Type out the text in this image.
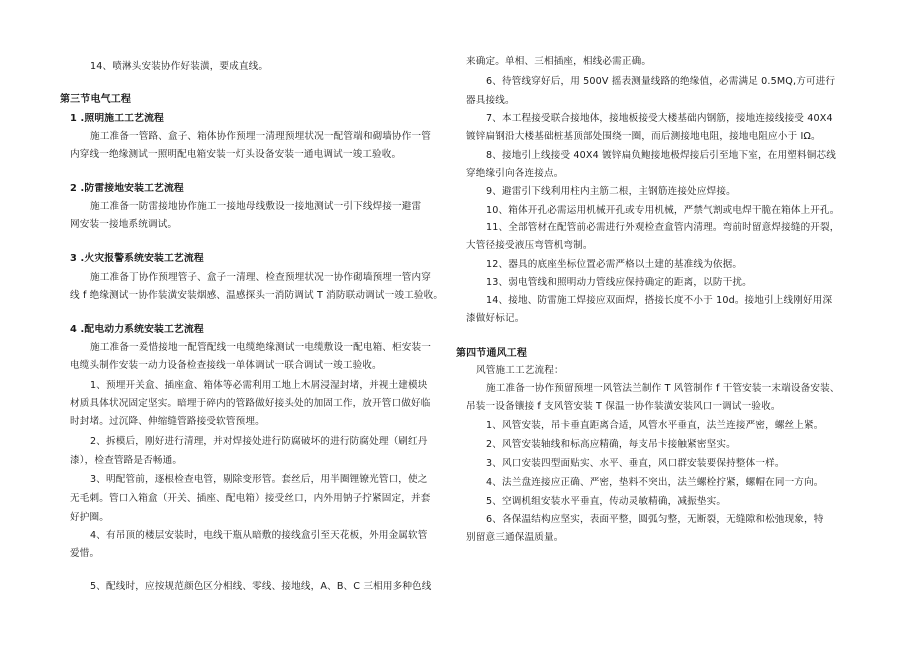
14、喷淋头安装协作好装潢，要成直线。
第三节电气工程
1 .照明施工工艺流程
施工准备一管路、盒子、箱体协作预埋一清理预埋状况一配管端和砌墙协作一管
内穿线一绝缘测试一照明配电箱安装一灯头设备安装一通电调试一竣工验收。
2 .防雷接地安装工艺流程
施工准备一防雷接地协作施工一接地母线敷设一接地测试一引下线焊接一避雷
网安装一接地系统调试。
3 .火灾报警系统安装工艺流程
施工准备丁协作预埋管子、盒子一清理、检查预埋状况一协作砌墙预埋一管内穿
线 f 绝缘测试一协作装潢安装烟感、温感探头一消防调试 T 消防联动调试一竣工验收。
4 .配电动力系统安装工艺流程
施工准备一爰惜接地一配管配线一电缆绝缘测试一电缆敷设一配电箱、柜安装一
电缆头制作安装一动力设备检查接线一单体调试一联合调试一竣工验收。
1、预埋开关盒、插座盒、箱体等必需利用工地上木屑浸湿封堵，并视土建模块
材质具体状况固定坚实。暗埋于碎内的管路做好接头处的加固工作，放开管口做好临
时封堵。过沉降、伸缩缝管路接受软管预埋。
2、拆模后，刚好进行清理，并对焊接处进行防腐破坏的进行防腐处理（刷红丹
漆），检查管路是否畅通。
3、明配管前，逐根检查电管，剔除变形管。套丝后，用半圈锂镣光管口，使之
无毛刺。管口入箱盒（开关、插座、配电箱）接受丝口，内外用钠子拧紧固定，并套
好护圈。
4、有吊顶的楼层安装时，电线干瓶从暗敷的接线盒引至天花板，外用金属软管
爱惜。
5、配线时，应按规范颜色区分相线、零线、接地线，A、B、C 三相用多种色线
来确定。单相、三相插座，相线必需正确。
6、待管线穿好后，用 500V 摇表测量线路的绝缘值，必需满足 0.5MQ,方可进行
器具接线。
7、本工程接受联合接地体，接地板接受大楼基础内钢筋，接地连接线接受 40X4
镀锌扁钢沿大楼基础桩基顶部处围绕一圈，而后测接地电阻，接地电阻应小于 IΩ。
8、接地引上线接受 40X4 镀锌扁负鲍接地极焊接后引至地下室，在用塑料铜芯线
穿绝缘引向各连接点。
9、避雷引下线利用柱内主筋二根，主钢筋连接处应焊接。
10、箱体开孔必需运用机械开孔或专用机械，严禁气割或电焊干脆在箱体上开孔。
11、全部管材在配管前必需进行外观检查盒管内清理。弯前时留意焊接缝的开裂，
大管径接受液压弯管机弯制。
12、器具的底座坐标位置必需严格以土建的基准线为依据。
13、弱电管线和照明动力管线应保持确定的距离，以防干扰。
14、接地、防雷施工焊接应双面焊，搭接长度不小于 10d。接地引上线刚好用深
漆做好标记。
第四节通风工程
风管施工工艺流程：
施工准备一协作预留预埋一风管法兰制作 T 风管制作 f 干管安装一末端设备安装、
吊装一设备镶接 f 支风管安装 T 保温一协作装潢安装风口一调试一验收。
1、风管安装，吊卡垂直距离合适，风管水平垂直，法兰连接严密，螺丝上紧。
2、风管安装轴线和标高应精确，每支吊卡接触紧密坚实。
3、风口安装四型面贴实、水平、垂直，风口群安装要保持整体一样。
4、法兰盘连接应正确、严密，垫料不突出，法兰螺栓拧紧，螺帽在同一方向。
5、空调机组安装水平垂直，传动灵敏精确，减振垫实。
6、各保温结构应坚实，表面平整，圆弧匀整，无断裂，无缝隙和松弛现象，特
别留意三通保温质量。
